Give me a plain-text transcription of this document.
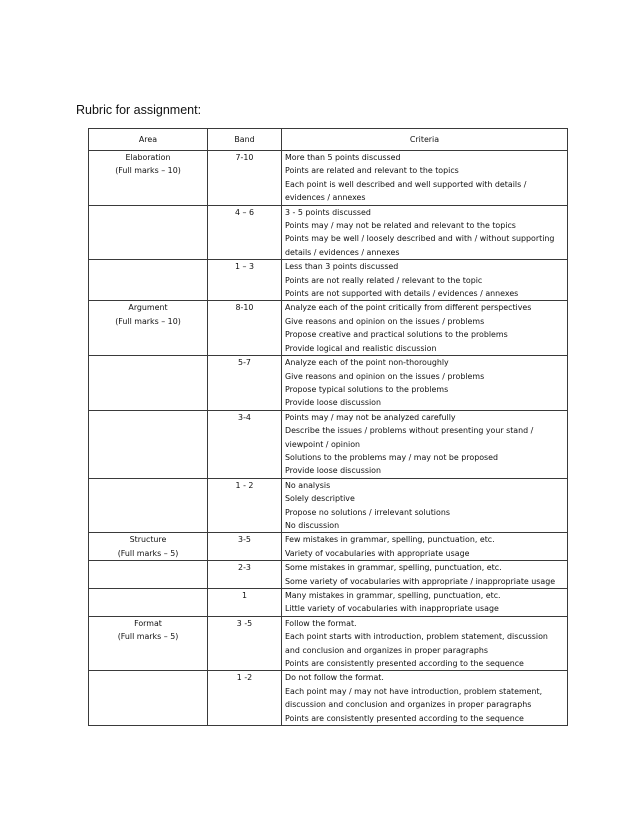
Rubric for assignment:
Area	Band	Criteria

Elaboration
(Full marks – 10)	7-10	More than 5 points discussed
Points are related and relevant to the topics
Each point is well described and well supported with details / evidences / annexes

	4 – 6	3 - 5 points discussed
Points may / may not be related and relevant to the topics
Points may be well / loosely described and with / without supporting details / evidences / annexes

	1 – 3	Less than 3 points discussed
Points are not really related / relevant to the topic
Points are not supported with details / evidences / annexes

Argument
(Full marks – 10)	8-10	Analyze each of the point critically from different perspectives
Give reasons and opinion on the issues / problems
Propose creative and practical solutions to the problems
Provide logical and realistic discussion

	5-7	Analyze each of the point non-thoroughly
Give reasons and opinion on the issues / problems
Propose typical solutions to the problems
Provide loose discussion

	3-4	Points may / may not be analyzed carefully
Describe the issues / problems without presenting your stand / viewpoint / opinion
Solutions to the problems may / may not be proposed
Provide loose discussion

	1 - 2	No analysis
Solely descriptive
Propose no solutions / irrelevant solutions
No discussion

Structure
(Full marks – 5)	3-5	Few mistakes in grammar, spelling, punctuation, etc.
Variety of vocabularies with appropriate usage

	2-3	Some mistakes in grammar, spelling, punctuation, etc.
Some variety of vocabularies with appropriate / inappropriate usage

	1	Many mistakes in grammar, spelling, punctuation, etc.
Little variety of vocabularies with inappropriate usage

Format
(Full marks – 5)	3 -5	Follow the format.
Each point starts with introduction, problem statement, discussion and conclusion and organizes in proper paragraphs
Points are consistently presented according to the sequence

	1 -2	Do not follow the format.
Each point may / may not have introduction, problem statement, discussion and conclusion and organizes in proper paragraphs
Points are consistently presented according to the sequence
